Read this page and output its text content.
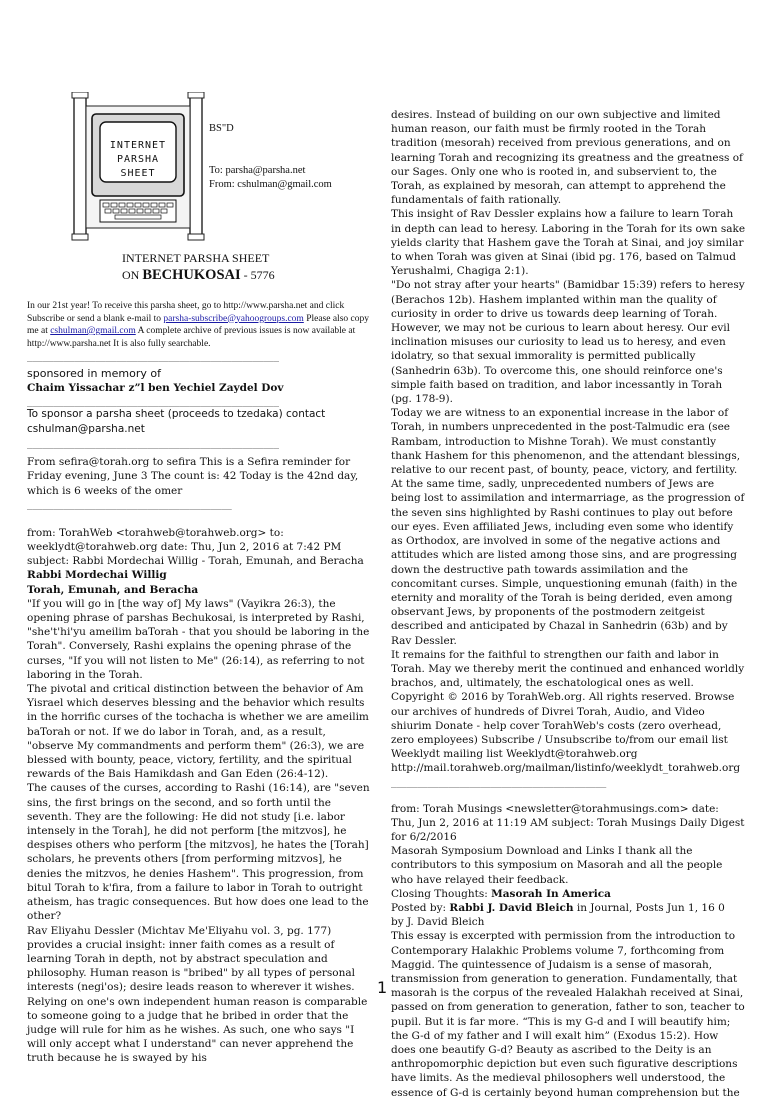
INTERNET
PARSHA
SHEET
BS"D
To: parsha@parsha.net
From: cshulman@gmail.com
INTERNET PARSHA SHEET
ON BECHUKOSAI - 5776

In our 21st year! To receive this parsha sheet, go to http://www.parsha.net and click Subscribe or send a blank e-mail to parsha-subscribe@yahoogroups.com Please also copy me at cshulman@gmail.com A complete archive of previous issues is now available at http://www.parsha.net It is also fully searchable.

________________________________________________

sponsored in memory of

Chaim Yissachar z”l ben Yechiel Zaydel Dov

________________________________________________

To sponsor a parsha sheet (proceeds to tzedaka) contact cshulman@parsha.net

________________________________________________

From sefira@torah.org to sefira This is a Sefira reminder for Friday evening, June 3 The count is: 42 Today is the 42nd day, which is 6 weeks of the omer

_______________________________________

from: TorahWeb <torahweb@torahweb.org> to: weeklydt@torahweb.org date: Thu, Jun 2, 2016 at 7:42 PM subject: Rabbi Mordechai Willig - Torah, Emunah, and Beracha

Rabbi Mordechai Willig

Torah, Emunah, and Beracha

"If you will go in [the way of] My laws" (Vayikra 26:3), the opening phrase of parshas Bechukosai, is interpreted by Rashi, "she't'hi'yu ameilim baTorah - that you should be laboring in the Torah". Conversely, Rashi explains the opening phrase of the curses, "If you will not listen to Me" (26:14), as referring to not laboring in the Torah.

The pivotal and critical distinction between the behavior of Am Yisrael which deserves blessing and the behavior which results in the horrific curses of the tochacha is whether we are ameilim baTorah or not. If we do labor in Torah, and, as a result, "observe My commandments and perform them" (26:3), we are blessed with bounty, peace, victory, fertility, and the spiritual rewards of the Bais Hamikdash and Gan Eden (26:4-12).

The causes of the curses, according to Rashi (16:14), are "seven sins, the first brings on the second, and so forth until the seventh. They are the following: He did not study [i.e. labor intensely in the Torah], he did not perform [the mitzvos], he despises others who perform [the mitzvos], he hates the [Torah] scholars, he prevents others [from performing mitzvos], he denies the mitzvos, he denies Hashem". This progression, from bitul Torah to k'fira, from a failure to labor in Torah to outright atheism, has tragic consequences. But how does one lead to the other?

Rav Eliyahu Dessler (Michtav Me'Eliyahu vol. 3, pg. 177) provides a crucial insight: inner faith comes as a result of learning Torah in depth, not by abstract speculation and philosophy. Human reason is "bribed" by all types of personal interests (negi'os); desire leads reason to wherever it wishes. Relying on one's own independent human reason is comparable to someone going to a judge that he bribed in order that the judge will rule for him as he wishes. As such, one who says "I will only accept what I understand" can never apprehend the truth because he is swayed by his

desires. Instead of building on our own subjective and limited human reason, our faith must be firmly rooted in the Torah tradition (mesorah) received from previous generations, and on learning Torah and recognizing its greatness and the greatness of our Sages. Only one who is rooted in, and subservient to, the Torah, as explained by mesorah, can attempt to apprehend the fundamentals of faith rationally.

This insight of Rav Dessler explains how a failure to learn Torah in depth can lead to heresy. Laboring in the Torah for its own sake yields clarity that Hashem gave the Torah at Sinai, and joy similar to when Torah was given at Sinai (ibid pg. 176, based on Talmud Yerushalmi, Chagiga 2:1).

"Do not stray after your hearts" (Bamidbar 15:39) refers to heresy (Berachos 12b). Hashem implanted within man the quality of curiosity in order to drive us towards deep learning of Torah. However, we may not be curious to learn about heresy. Our evil inclination misuses our curiosity to lead us to heresy, and even idolatry, so that sexual immorality is permitted publically (Sanhedrin 63b). To overcome this, one should reinforce one's simple faith based on tradition, and labor incessantly in Torah (pg. 178-9).

Today we are witness to an exponential increase in the labor of Torah, in numbers unprecedented in the post-Talmudic era (see Rambam, introduction to Mishne Torah). We must constantly thank Hashem for this phenomenon, and the attendant blessings, relative to our recent past, of bounty, peace, victory, and fertility.

At the same time, sadly, unprecedented numbers of Jews are being lost to assimilation and intermarriage, as the progression of the seven sins highlighted by Rashi continues to play out before our eyes. Even affiliated Jews, including even some who identify as Orthodox, are involved in some of the negative actions and attitudes which are listed among those sins, and are progressing down the destructive path towards assimilation and the concomitant curses. Simple, unquestioning emunah (faith) in the eternity and morality of the Torah is being derided, even among observant Jews, by proponents of the postmodern zeitgeist described and anticipated by Chazal in Sanhedrin (63b) and by Rav Dessler.

It remains for the faithful to strengthen our faith and labor in Torah. May we thereby merit the continued and enhanced worldly brachos, and, ultimately, the eschatological ones as well.

Copyright © 2016 by TorahWeb.org. All rights reserved. Browse our archives of hundreds of Divrei Torah, Audio, and Video shiurim Donate - help cover TorahWeb's costs (zero overhead, zero employees) Subscribe / Unsubscribe to/from our email list Weeklydt mailing list Weeklydt@torahweb.org

http://mail.torahweb.org/mailman/listinfo/weeklydt_torahweb.org

_________________________________________

from: Torah Musings <newsletter@torahmusings.com> date: Thu, Jun 2, 2016 at 11:19 AM subject: Torah Musings Daily Digest for 6/2/2016

Masorah Symposium Download and Links I thank all the contributors to this symposium on Masorah and all the people who have relayed their feedback.

Closing Thoughts: Masorah In America

Posted by: Rabbi J. David Bleich in Journal, Posts Jun 1, 16 0

by J. David Bleich

This essay is excerpted with permission from the introduction to Contemporary Halakhic Problems volume 7, forthcoming from Maggid. The quintessence of Judaism is a sense of masorah, transmission from generation to generation. Fundamentally, that masorah is the corpus of the revealed Halakhah received at Sinai, passed on from generation to generation, father to son, teacher to pupil. But it is far more. “This is my G-d and I will beautify him; the G-d of my father and I will exalt him” (Exodus 15:2). How does one beautify G-d? Beauty as ascribed to the Deity is an anthropomorphic depiction but even such figurative descriptions have limits. As the medieval philosophers well understood, the essence of G-d is certainly beyond human comprehension but the

1
